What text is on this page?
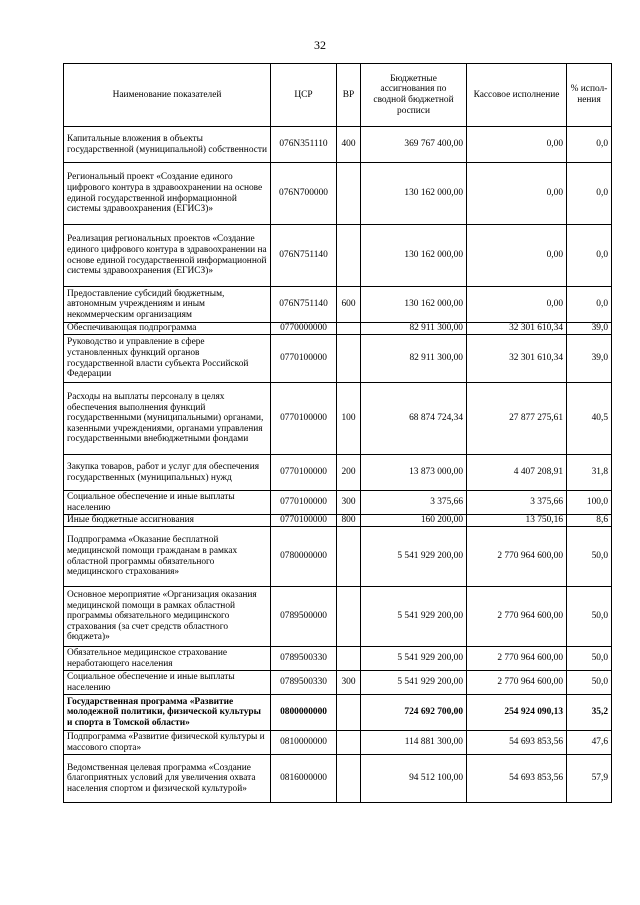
32
Наименование показателей	ЦСР	ВР	Бюджетные ассигнования по сводной бюджетной росписи	Кассовое исполнение	% испол-нения
Капитальные вложения в объекты государственной (муниципальной) собственности	076N351110	400	369 767 400,00	0,00	0,0
Региональный проект «Создание единого цифрового контура в здравоохранении на основе единой государственной информационной системы здравоохранения (ЕГИСЗ)»	076N700000		130 162 000,00	0,00	0,0
Реализация региональных проектов «Создание единого цифрового контура в здравоохранении на основе единой государственной информационной системы здравоохранения (ЕГИСЗ)»	076N751140		130 162 000,00	0,00	0,0
Предоставление субсидий бюджетным, автономным учреждениям и иным некоммерческим организациям	076N751140	600	130 162 000,00	0,00	0,0
Обеспечивающая подпрограмма	0770000000		82 911 300,00	32 301 610,34	39,0
Руководство и управление в сфере установленных функций органов государственной власти субъекта Российской Федерации	0770100000		82 911 300,00	32 301 610,34	39,0
Расходы на выплаты персоналу в целях обеспечения выполнения функций государственными (муниципальными) органами, казенными учреждениями, органами управления государственными внебюджетными фондами	0770100000	100	68 874 724,34	27 877 275,61	40,5
Закупка товаров, работ и услуг для обеспечения государственных (муниципальных) нужд	0770100000	200	13 873 000,00	4 407 208,91	31,8
Социальное обеспечение и иные выплаты населению	0770100000	300	3 375,66	3 375,66	100,0
Иные бюджетные ассигнования	0770100000	800	160 200,00	13 750,16	8,6
Подпрограмма «Оказание бесплатной медицинской помощи гражданам в рамках областной программы обязательного медицинского страхования»	0780000000		5 541 929 200,00	2 770 964 600,00	50,0
Основное мероприятие «Организация оказания медицинской помощи в рамках областной программы обязательного медицинского страхования (за счет средств областного бюджета)»	0789500000		5 541 929 200,00	2 770 964 600,00	50,0
Обязательное медицинское страхование неработающего населения	0789500330		5 541 929 200,00	2 770 964 600,00	50,0
Социальное обеспечение и иные выплаты населению	0789500330	300	5 541 929 200,00	2 770 964 600,00	50,0
Государственная программа «Развитие молодежной политики, физической культуры и спорта в Томской области»	0800000000		724 692 700,00	254 924 090,13	35,2
Подпрограмма «Развитие физической культуры и массового спорта»	0810000000		114 881 300,00	54 693 853,56	47,6
Ведомственная целевая программа «Создание благоприятных условий для увеличения охвата населения спортом и физической культурой»	0816000000		94 512 100,00	54 693 853,56	57,9
